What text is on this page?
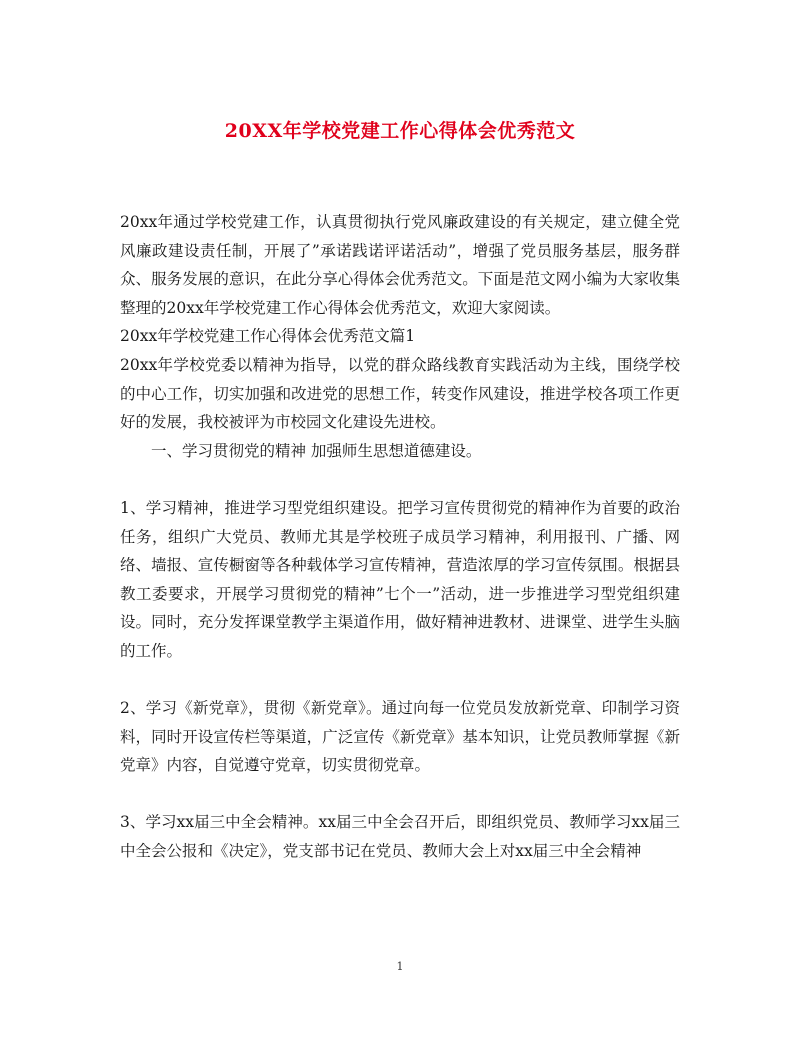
20XX年学校党建工作心得体会优秀范文

20xx年通过学校党建工作，认真贯彻执行党风廉政建设的有关规定，建立健全党风廉政建设责任制，开展了”承诺践诺评诺活动”，增强了党员服务基层，服务群众、服务发展的意识，在此分享心得体会优秀范文。下面是范文网小编为大家收集整理的20xx年学校党建工作心得体会优秀范文，欢迎大家阅读。

20xx年学校党建工作心得体会优秀范文篇1

20xx年学校党委以精神为指导，以党的群众路线教育实践活动为主线，围绕学校的中心工作，切实加强和改进党的思想工作，转变作风建设，推进学校各项工作更好的发展，我校被评为市校园文化建设先进校。

一、学习贯彻党的精神 加强师生思想道德建设。

1、学习精神，推进学习型党组织建设。把学习宣传贯彻党的精神作为首要的政治任务，组织广大党员、教师尤其是学校班子成员学习精神，利用报刊、广播、网络、墙报、宣传橱窗等各种载体学习宣传精神，营造浓厚的学习宣传氛围。根据县教工委要求，开展学习贯彻党的精神”七个一”活动，进一步推进学习型党组织建设。同时，充分发挥课堂教学主渠道作用，做好精神进教材、进课堂、进学生头脑的工作。

2、学习《新党章》，贯彻《新党章》。通过向每一位党员发放新党章、印制学习资料，同时开设宣传栏等渠道，广泛宣传《新党章》基本知识，让党员教师掌握《新党章》内容，自觉遵守党章，切实贯彻党章。

3、学习xx届三中全会精神。xx届三中全会召开后，即组织党员、教师学习xx届三中全会公报和《决定》，党支部书记在党员、教师大会上对xx届三中全会精神

1
